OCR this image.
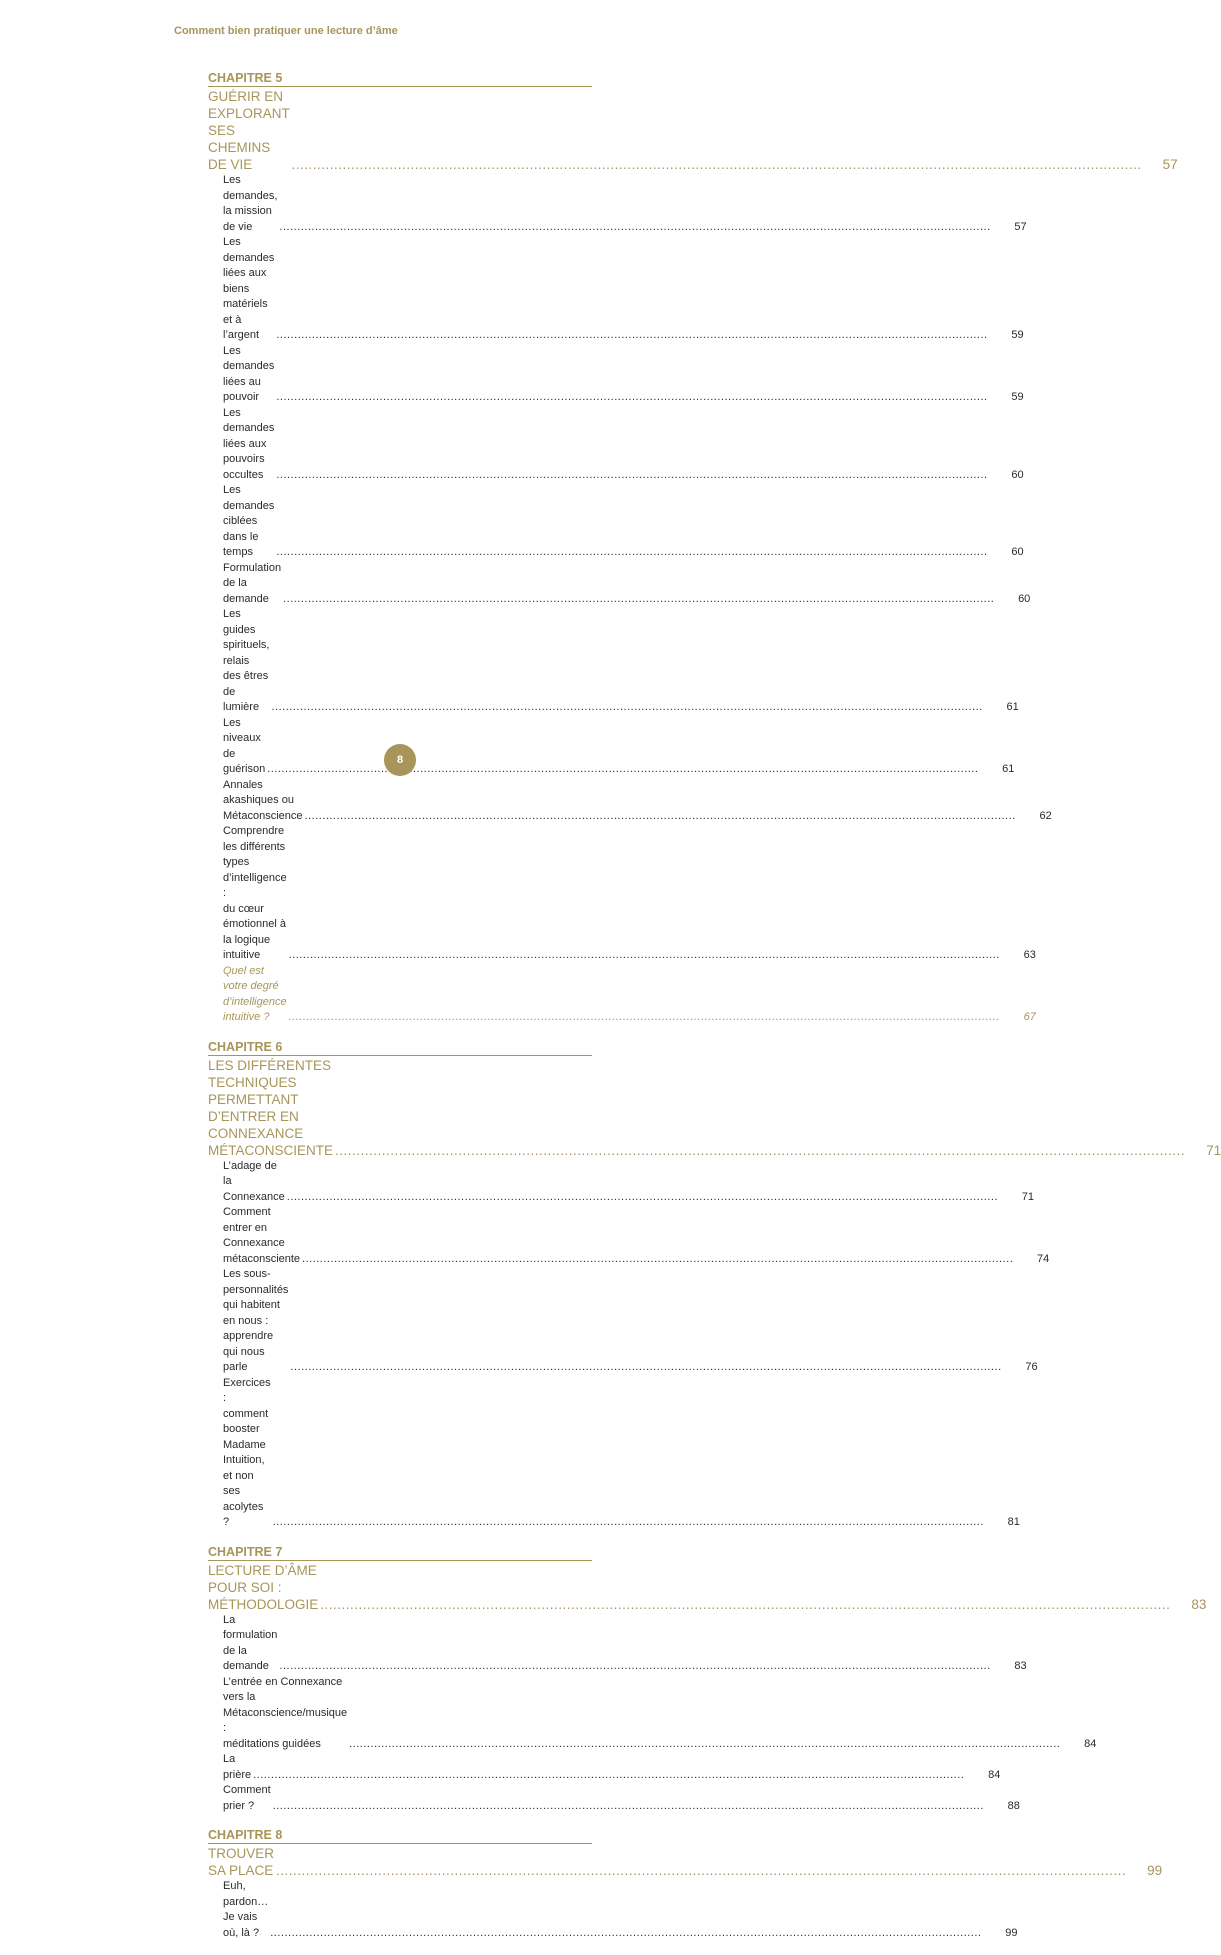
Comment bien pratiquer une lecture d’âme
CHAPITRE 5
GUÉRIR EN EXPLORANT SES CHEMINS DE VIE .....	57
Les demandes, la mission de vie .....	57
Les demandes liées aux biens matériels et à l’argent .....	59
Les demandes liées au pouvoir .....	59
Les demandes liées aux pouvoirs occultes .....	60
Les demandes ciblées dans le temps .....	60
Formulation de la demande .....	60
Les guides spirituels, relais des êtres de lumière .....	61
Les niveaux de guérison .....	61
Annales akashiques ou Métaconscience .....	62
Comprendre les différents types d’intelligence :
du cœur émotionnel à la logique intuitive .....	63
Quel est votre degré d’intelligence intuitive ? .....	67
CHAPITRE 6
LES DIFFÉRENTES TECHNIQUES
PERMETTANT D’ENTRER EN CONNEXANCE
MÉTACONSCIENTE .....	71
L’adage de la Connexance .....	71
Comment entrer en Connexance métaconsciente .....	74
Les sous-personnalités qui habitent en nous :
apprendre qui nous parle .....	76
Exercices : comment booster Madame Intuition,
et non ses acolytes ? .....	81
CHAPITRE 7
LECTURE D’ÂME POUR SOI : MÉTHODOLOGIE .....	83
La formulation de la demande .....	83
L’entrée en Connexance vers la Métaconscience/musique :
méditations guidées .....	84
La prière .....	84
Comment prier ? .....	88
CHAPITRE 8
TROUVER SA PLACE .....	99
Euh, pardon… Je vais où, là ? .....	99
8
